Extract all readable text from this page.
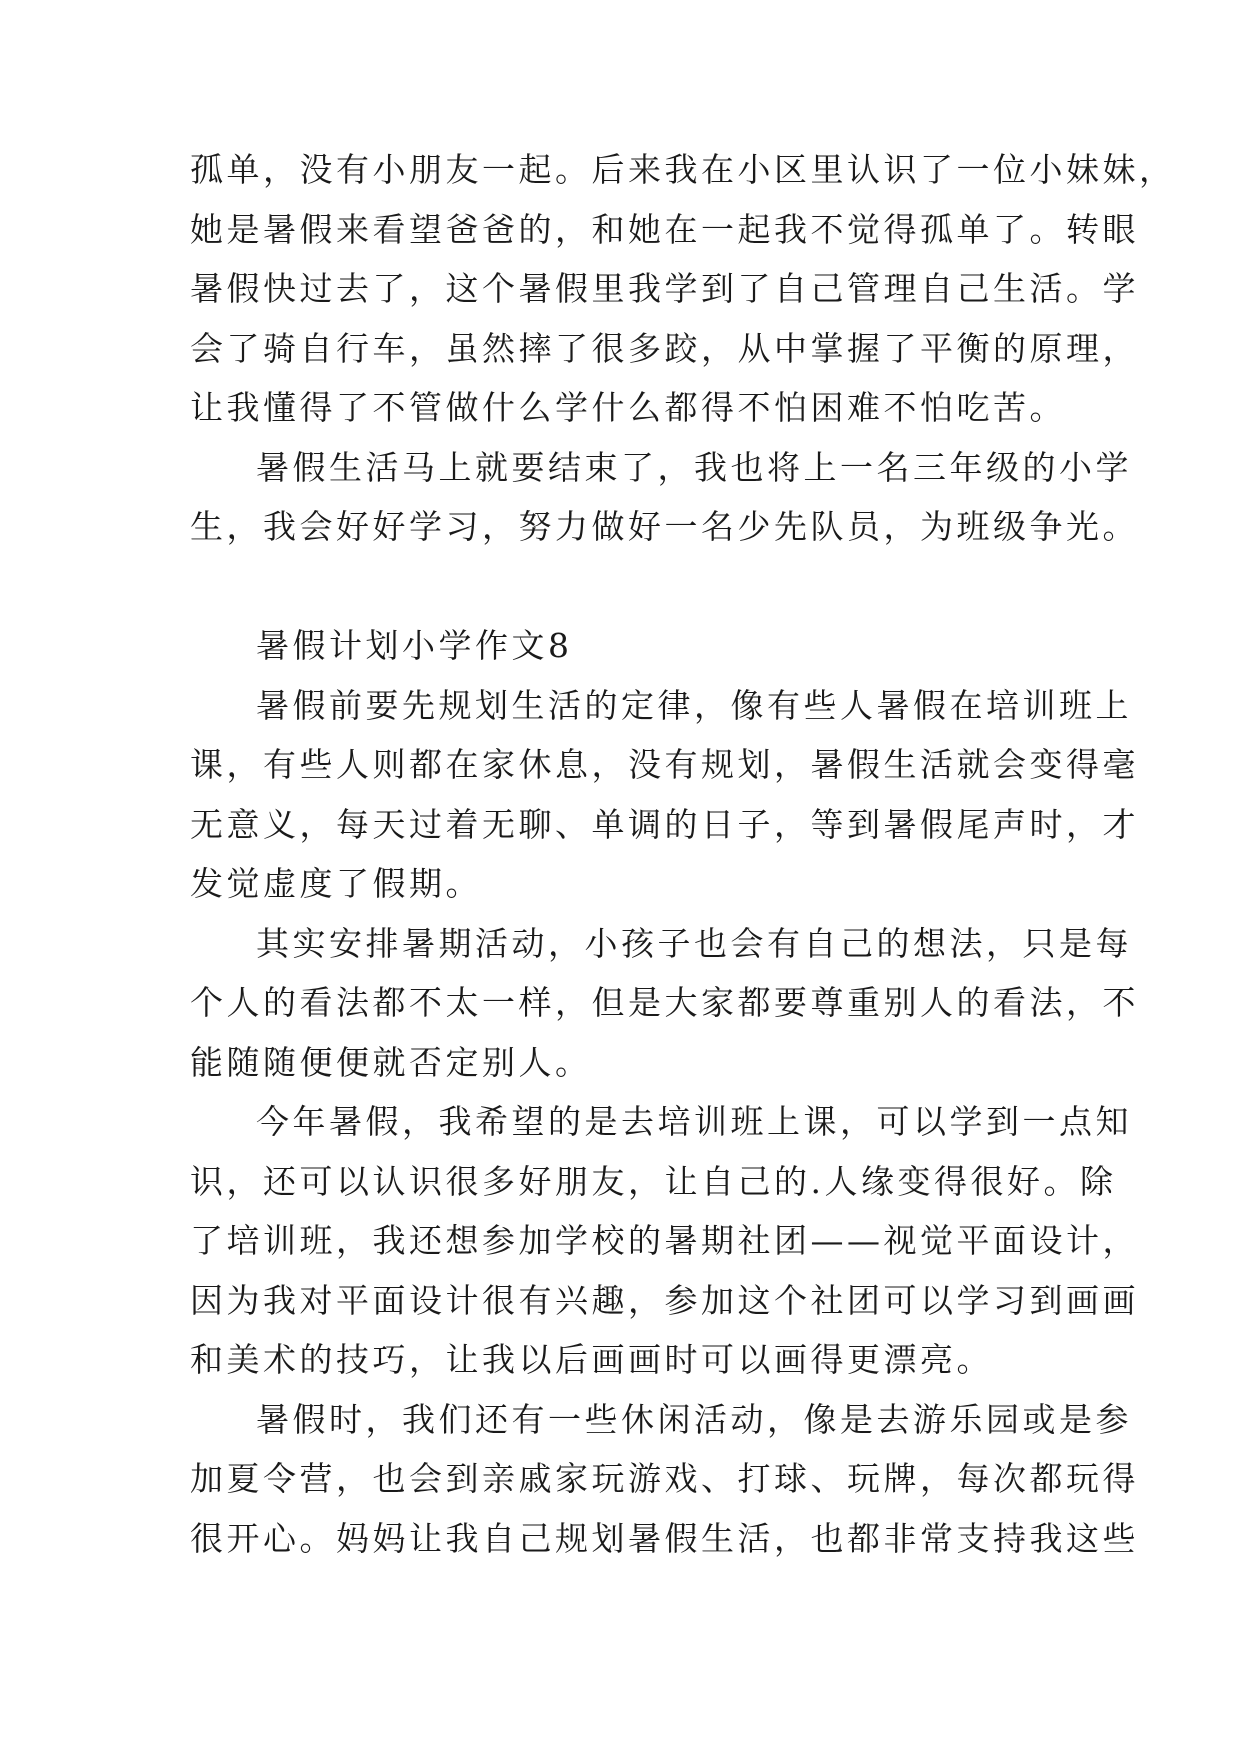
孤单，没有小朋友一起。后来我在小区里认识了一位小妹妹，
她是暑假来看望爸爸的，和她在一起我不觉得孤单了。转眼
暑假快过去了，这个暑假里我学到了自己管理自己生活。学
会了骑自行车，虽然摔了很多跤，从中掌握了平衡的原理，
让我懂得了不管做什么学什么都得不怕困难不怕吃苦。
暑假生活马上就要结束了，我也将上一名三年级的小学
生，我会好好学习，努力做好一名少先队员，为班级争光。
暑假计划小学作文8
暑假前要先规划生活的定律，像有些人暑假在培训班上
课，有些人则都在家休息，没有规划，暑假生活就会变得毫
无意义，每天过着无聊、单调的日子，等到暑假尾声时，才
发觉虚度了假期。
其实安排暑期活动，小孩子也会有自己的想法，只是每
个人的看法都不太一样，但是大家都要尊重别人的看法，不
能随随便便就否定别人。
今年暑假，我希望的是去培训班上课，可以学到一点知
识，还可以认识很多好朋友，让自己的.人缘变得很好。除
了培训班，我还想参加学校的暑期社团——视觉平面设计，
因为我对平面设计很有兴趣，参加这个社团可以学习到画画
和美术的技巧，让我以后画画时可以画得更漂亮。
暑假时，我们还有一些休闲活动，像是去游乐园或是参
加夏令营，也会到亲戚家玩游戏、打球、玩牌，每次都玩得
很开心。妈妈让我自己规划暑假生活，也都非常支持我这些
